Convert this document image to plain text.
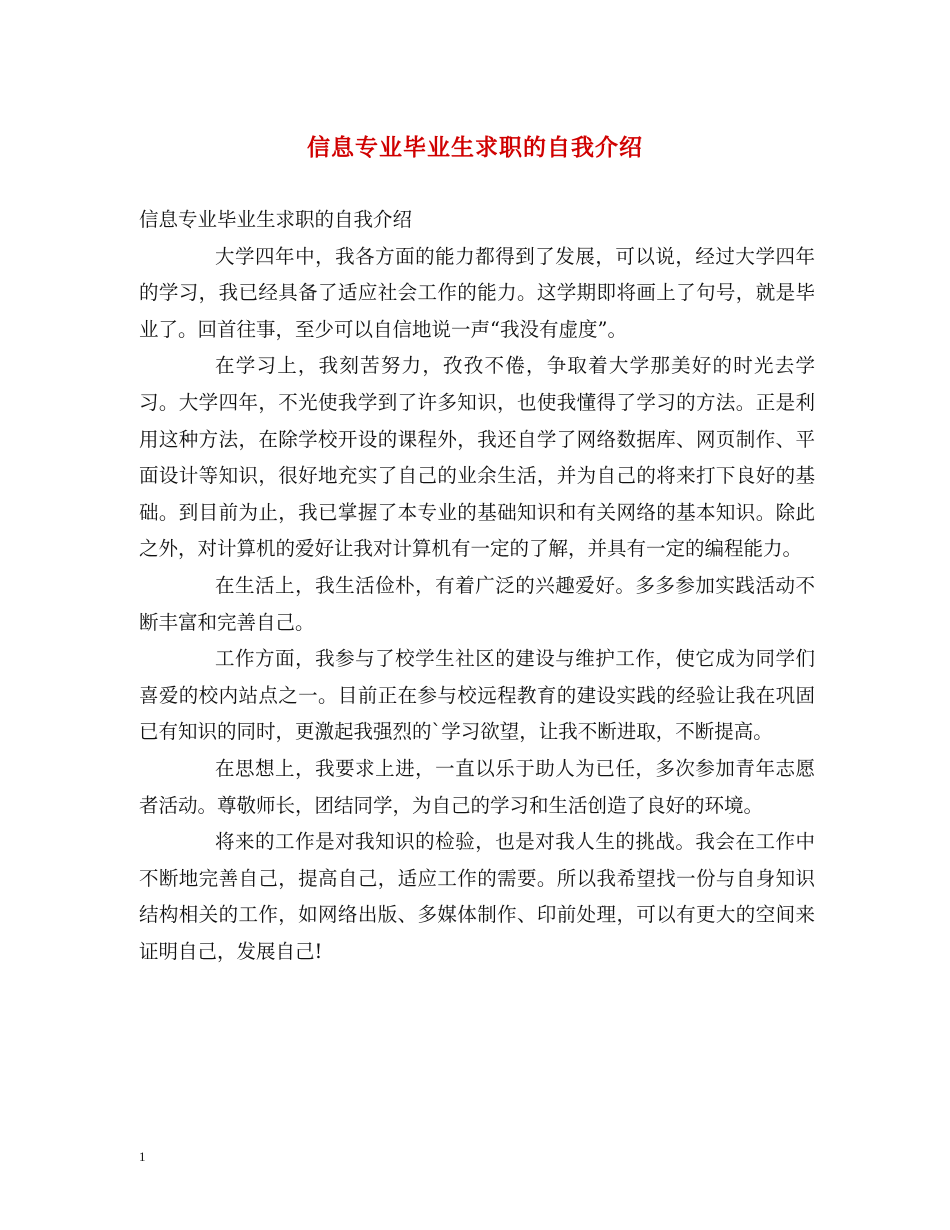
信息专业毕业生求职的自我介绍

信息专业毕业生求职的自我介绍

大学四年中，我各方面的能力都得到了发展，可以说，经过大学四年的学习，我已经具备了适应社会工作的能力。这学期即将画上了句号，就是毕业了。回首往事，至少可以自信地说一声“我没有虚度”。

在学习上，我刻苦努力，孜孜不倦，争取着大学那美好的时光去学习。大学四年，不光使我学到了许多知识，也使我懂得了学习的方法。正是利用这种方法，在除学校开设的课程外，我还自学了网络数据库、网页制作、平面设计等知识，很好地充实了自己的业余生活，并为自己的将来打下良好的基础。到目前为止，我已掌握了本专业的基础知识和有关网络的基本知识。除此之外，对计算机的爱好让我对计算机有一定的了解，并具有一定的编程能力。

在生活上，我生活俭朴，有着广泛的兴趣爱好。多多参加实践活动不断丰富和完善自己。

工作方面，我参与了校学生社区的建设与维护工作，使它成为同学们喜爱的校内站点之一。目前正在参与校远程教育的建设实践的经验让我在巩固已有知识的同时，更激起我强烈的`学习欲望，让我不断进取，不断提高。

在思想上，我要求上进，一直以乐于助人为已任，多次参加青年志愿者活动。尊敬师长，团结同学，为自己的学习和生活创造了良好的环境。

将来的工作是对我知识的检验，也是对我人生的挑战。我会在工作中不断地完善自己，提高自己，适应工作的需要。所以我希望找一份与自身知识结构相关的工作，如网络出版、多媒体制作、印前处理，可以有更大的空间来证明自己，发展自己!

1
